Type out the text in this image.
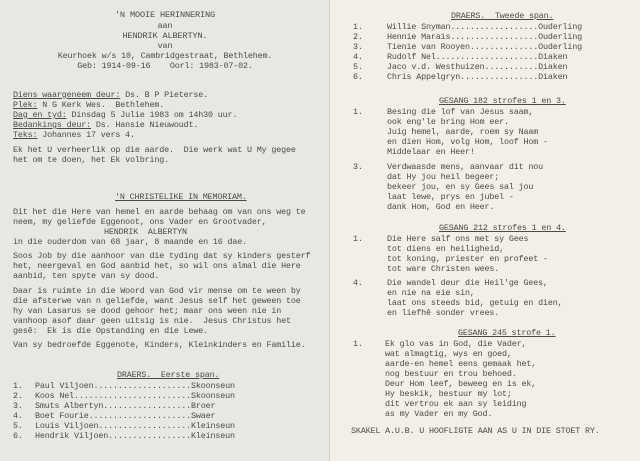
'N MOOIE HERINNERING
aan
HENDRIK ALBERTYN.
van
Keurhoek w/s 10, Cambridgestraat, Bethlehem.
Geb: 1914-09-16    Oorl: 1983-07-02.
Diens waargeneem deur: Ds. B P Pieterse.
Plek: N G Kerk Wes.  Bethlehem.
Dag en tyd: Dinsdag 5 Julie 1983 om 14h30 uur.
Bedankings deur: Ds. Hansie Nieuwoudt.
Teks: Johannes 17 vers 4.
Ek het U verheerlik op die aarde.  Die werk wat U My gegee
het om te doen, het Ek volbring.
'N CHRISTELIKE IN MEMORIAM.
Dit het die Here van hemel en aarde behaag om van ons weg te
neem, my geliefde Eggenoot, ons Vader en Grootvader,
HENDRIK  ALBERTYN
in die ouderdom van 68 jaar, 8 maande en 16 dae.
Soos Job by die aanhoor van die tyding dat sy kinders gesterf
het, neergeval en God aanbid het, so wil ons almal die Here
aanbid, ten spyte van sy dood.
Daar is ruimte in die Woord van God vir mense om te ween by
die afsterwe van n geliefde, want Jesus self het geween toe
hy van Lasarus se dood gehoor het; maar ons ween nie in
vanhoop asof daar geen uitsig is nie.  Jesus Christus het
gesê:  Ek is die Opstanding en die Lewe.
Van sy bedroefde Eggenote, Kinders, Kleinkinders en Familie.
DRAERS.  Eerste span.
1. Paul Viljoen....................Skoonseun
2. Koos Nel........................Skoonseun
3. Smuts Albertyn..................Broer
4. Boet Fourie.....................Swaer
5. Louis Viljoen...................Kleinseun
6. Hendrik Viljoen.................Kleinseun
DRAERS.  Tweede span.
1.	Willie Snyman..................Ouderling
2.	Hennie Marais..................Ouderling
3.	Tienie van Rooyen..............Ouderling
4.	Rudolf Nel.....................Diaken
5.	Jaco v.d. Westhuizen...........Diaken
6.	Chris Appelgryn................Diaken
GESANG 182 strofes 1 en 3.
1.	Besing die lof van Jesus saam,
ook eng'le bring Hom eer.
Juig hemel, aarde, roem sy Naam
en dien Hom, volg Hom, loof Hom -
Middelaar en Heer!
3.	Verdwaasde mens, aanvaar dit nou
dat Hy jou heil begeer;
bekeer jou, en sy Gees sal jou
laat lewe, prys en jubel -
dank Hom, God en Heer.
GESANG 212 strofes 1 en 4.
1.	Die Here salf ons met sy Gees
tot diens en heiligheid,
tot koning, priester en profeet -
tot ware Christen wees.
4.	Die wandel deur die Heil'ge Gees,
en nie na eie sin,
laat ons steeds bid, getuig en dien,
en liefhê sonder vrees.
GESANG 245 strofe 1.
1.	Ek glo vas in God, die Vader,
wat almagtig, wys en goed,
aarde-en hemel eens gemaak het,
nog bestuur en trou behoed.
Deur Hom leef, beweeg en is ek,
Hy beskik, bestuur my lot;
dit vertrou ek aan sy leiding
as my Vader en my God.
SKAKEL A.U.B. U HOOFLIGTE AAN AS U IN DIE STOET RY.
